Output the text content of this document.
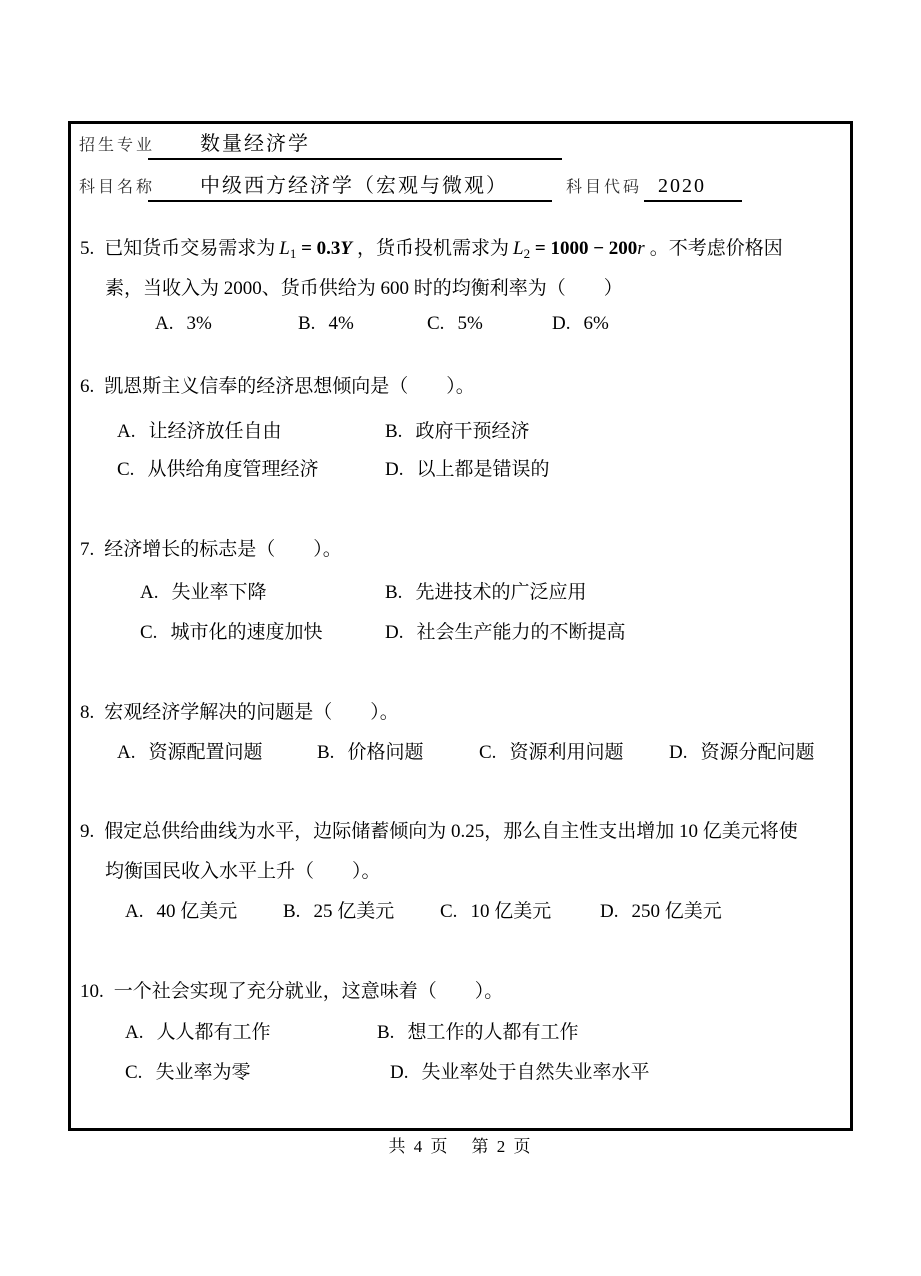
招生专业	数量经济学
科目名称	中级西方经济学（宏观与微观）	科目代码 2020
5. 已知货币交易需求为 $L_1 = 0.3Y$ ，货币投机需求为 $L_2 = 1000 - 200r$ 。不考虑价格因
素，当收入为 2000、货币供给为 600 时的均衡利率为（　　）
A. 3%	B. 4%	C. 5%	D. 6%
6. 凯恩斯主义信奉的经济思想倾向是（　　）。
A. 让经济放任自由	B. 政府干预经济
C. 从供给角度管理经济	D. 以上都是错误的
7. 经济增长的标志是（　　）。
A. 失业率下降	B. 先进技术的广泛应用
C. 城市化的速度加快	D. 社会生产能力的不断提高
8. 宏观经济学解决的问题是（　　）。
A. 资源配置问题	B. 价格问题	C. 资源利用问题 D. 资源分配问题
9. 假定总供给曲线为水平，边际储蓄倾向为 0.25，那么自主性支出增加 10 亿美元将使
均衡国民收入水平上升（　　）。
A. 40 亿美元 B. 25 亿美元 C. 10 亿美元	D. 250 亿美元
10. 一个社会实现了充分就业，这意味着（　　）。
A. 人人都有工作	B. 想工作的人都有工作
C. 失业率为零	D. 失业率处于自然失业率水平
共 4 页 第 2 页
